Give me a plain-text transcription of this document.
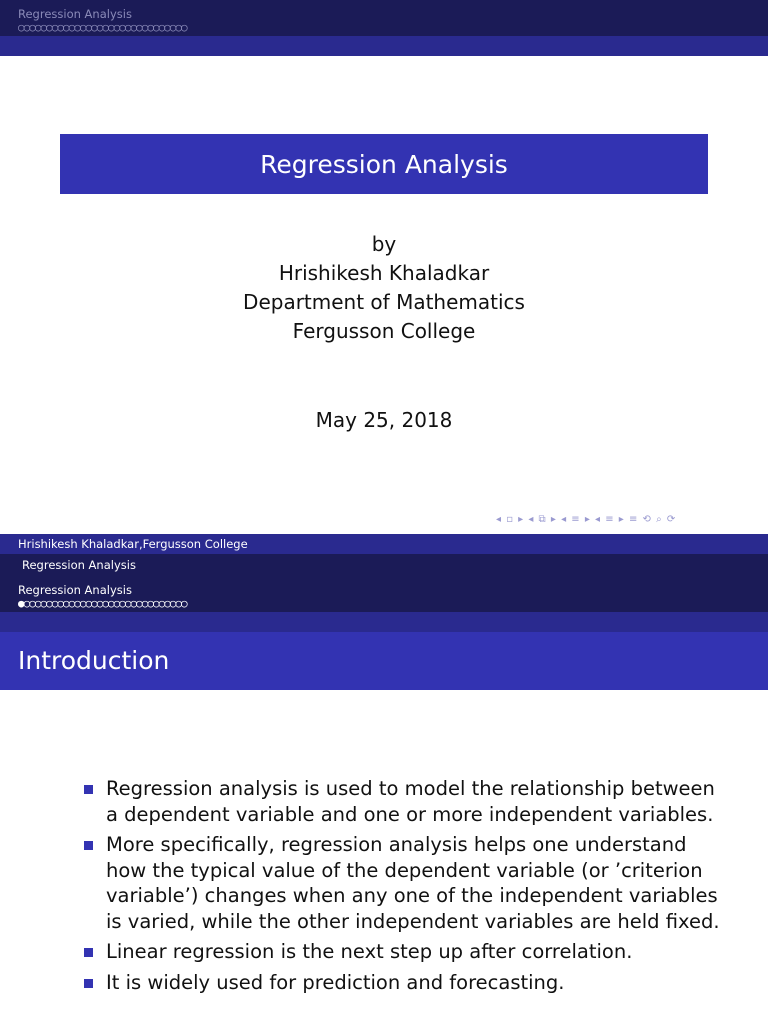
Regression Analysis
○○○○○○○○○○○○○○○○○○○○○○○○○○○○○○
Regression Analysis
by
Hrishikesh Khaladkar
Department of Mathematics
Fergusson College
May 25, 2018
◂ ▫ ▸ ◂ ⧉ ▸ ◂ ≡ ▸ ◂ ≡ ▸ ≡ ⟲ ⌕ ⟳
Hrishikesh Khaladkar,Fergusson College
Regression Analysis
Regression Analysis
●○○○○○○○○○○○○○○○○○○○○○○○○○○○○○
Introduction
Regression analysis is used to model the relationship between a dependent variable and one or more independent variables.
More specifically, regression analysis helps one understand how the typical value of the dependent variable (or ’criterion variable’) changes when any one of the independent variables is varied, while the other independent variables are held fixed.
Linear regression is the next step up after correlation.
It is widely used for prediction and forecasting.
